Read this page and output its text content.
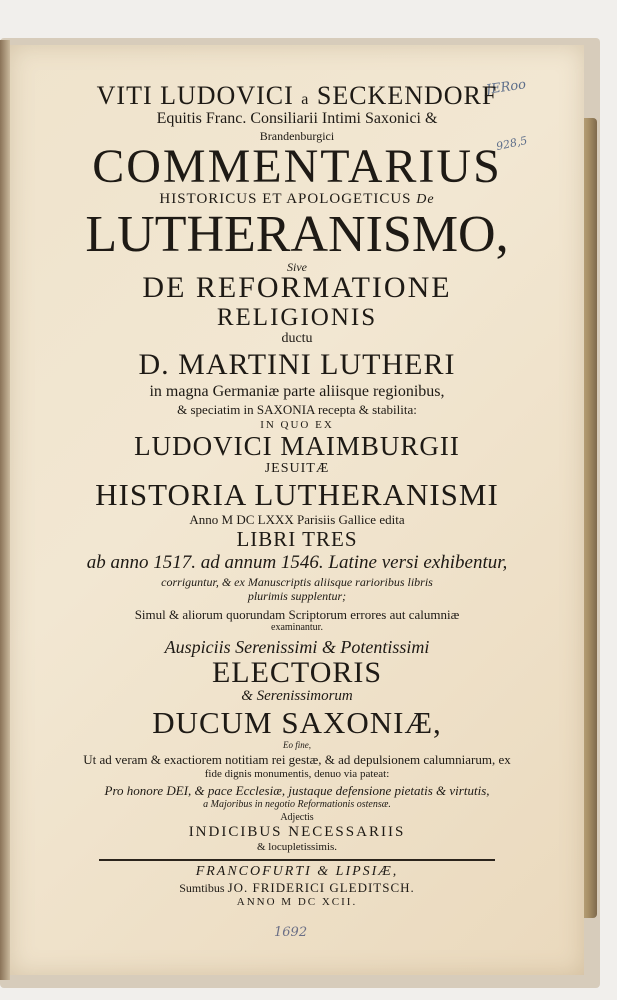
JERoo
928,5
VITI LUDOVICI a SECKENDORF
Equitis Franc. Consiliarii Intimi Saxonici &
Brandenburgici
COMMENTARIUS
HISTORICUS ET APOLOGETICUS De
LUTHERANISMO,
Sive
DE REFORMATIONE
RELIGIONIS
ductu
D. MARTINI LUTHERI
in magna Germaniæ parte aliisque regionibus,
& speciatim in SAXONIA recepta & stabilita:
IN QUO EX
LUDOVICI MAIMBURGII
JESUITÆ
HISTORIA LUTHERANISMI
Anno M DC LXXX Parisiis Gallice edita
LIBRI TRES
ab anno 1517. ad annum 1546. Latine versi exhibentur,
corriguntur, & ex Manuscriptis aliisque rarioribus libris
plurimis supplentur;
Simul & aliorum quorundam Scriptorum errores aut calumniæ
examinantur.
Auspiciis Serenissimi & Potentissimi
ELECTORIS
& Serenissimorum
DUCUM SAXONIÆ,
Eo fine,
Ut ad veram & exactiorem notitiam rei gestæ, & ad depulsionem calumniarum, ex
fide dignis monumentis, denuo via pateat:
Pro honore DEI, & pace Ecclesiæ, justaque defensione pietatis & virtutis,
a Majoribus in negotio Reformationis ostensæ.
Adjectis
INDICIBUS NECESSARIIS
& locupletissimis.
FRANCOFURTI & LIPSIÆ,
Sumtibus JO. FRIDERICI GLEDITSCH.
ANNO M DC XCII.
1692
